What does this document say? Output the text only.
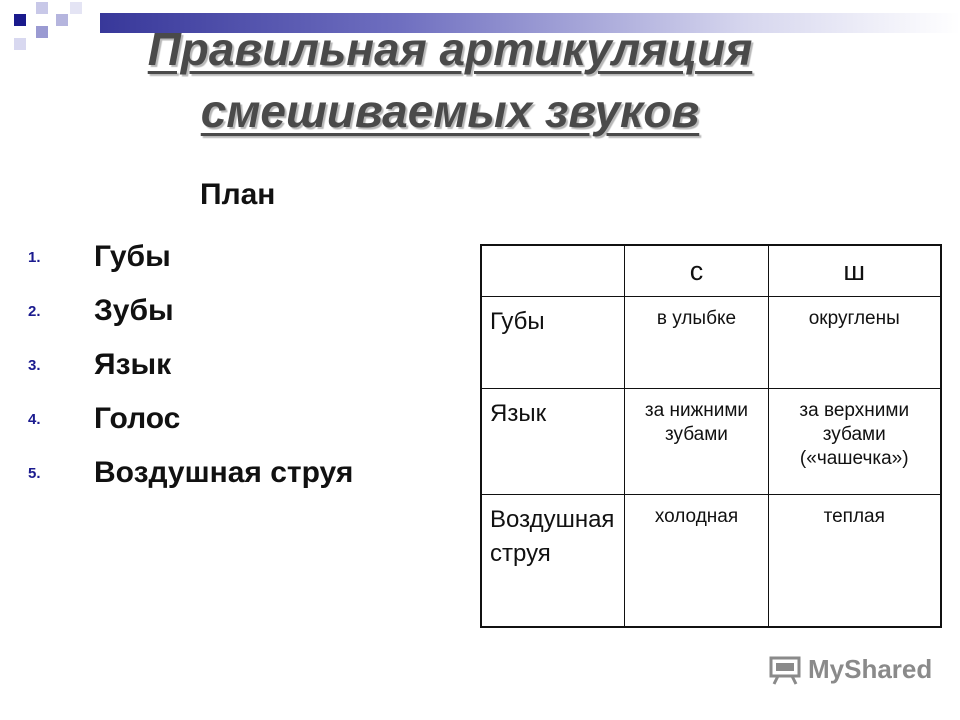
Правильная артикуляция
смешиваемых звуков
План
1.	Губы
2.	Зубы
3.	Язык
4.	Голос
5.	Воздушная струя
	с	ш
Губы	в улыбке	округлены
Язык	за нижними зубами	за верхними зубами («чашечка»)
Воздушная струя	холодная	теплая
MyShared
